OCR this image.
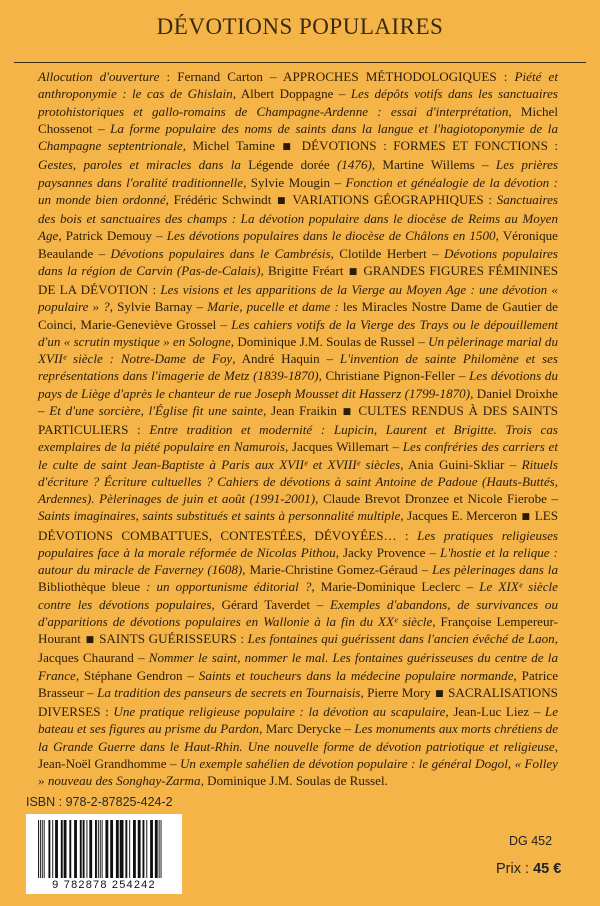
DÉVOTIONS POPULAIRES
Allocution d'ouverture : Fernand Carton – APPROCHES MÉTHODOLOGIQUES : Piété et anthroponymie : le cas de Ghislain, Albert Doppagne – Les dépôts votifs dans les sanctuaires protohistoriques et gallo-romains de Champagne-Ardenne : essai d'interprétation, Michel Chossenot – La forme populaire des noms de saints dans la langue et l'hagiotoponymie de la Champagne septentrionale, Michel Tamine ■ DÉVOTIONS : FORMES ET FONCTIONS : Gestes, paroles et miracles dans la Légende dorée (1476), Martine Willems – Les prières paysannes dans l'oralité traditionnelle, Sylvie Mougin – Fonction et généalogie de la dévotion : un monde bien ordonné, Frédéric Schwindt ■ VARIATIONS GÉOGRAPHIQUES : Sanctuaires des bois et sanctuaires des champs : La dévotion populaire dans le diocèse de Reims au Moyen Age, Patrick Demouy – Les dévotions populaires dans le diocèse de Châlons en 1500, Véronique Beaulande – Dévotions populaires dans le Cambrésis, Clotilde Herbert – Dévotions populaires dans la région de Carvin (Pas-de-Calais), Brigitte Fréart ■ GRANDES FIGURES FÉMININES DE LA DÉVOTION : Les visions et les apparitions de la Vierge au Moyen Age : une dévotion « populaire » ?, Sylvie Barnay – Marie, pucelle et dame : les Miracles Nostre Dame de Gautier de Coinci, Marie-Geneviève Grossel – Les cahiers votifs de la Vierge des Trays ou le dépouillement d'un « scrutin mystique » en Sologne, Dominique J.M. Soulas de Russel – Un pèlerinage marial du XVIIᵉ siècle : Notre-Dame de Foy, André Haquin – L'invention de sainte Philomène et ses représentations dans l'imagerie de Metz (1839-1870), Christiane Pignon-Feller – Les dévotions du pays de Liège d'après le chanteur de rue Joseph Mousset dit Hasserz (1799-1870), Daniel Droixhe – Et d'une sorcière, l'Église fit une sainte, Jean Fraikin ■ CULTES RENDUS À DES SAINTS PARTICULIERS : Entre tradition et modernité : Lupicin, Laurent et Brigitte. Trois cas exemplaires de la piété populaire en Namurois, Jacques Willemart – Les confréries des carriers et le culte de saint Jean-Baptiste à Paris aux XVIIᵉ et XVIIIᵉ siècles, Ania Guini-Skliar – Rituels d'écriture ? Écriture cultuelles ? Cahiers de dévotions à saint Antoine de Padoue (Hauts-Buttés, Ardennes). Pèlerinages de juin et août (1991-2001), Claude Brevot Dronzee et Nicole Fierobe – Saints imaginaires, saints substitués et saints à personnalité multiple, Jacques E. Merceron ■ LES DÉVOTIONS COMBATTUES, CONTESTÉES, DÉVOYÉES… : Les pratiques religieuses populaires face à la morale réformée de Nicolas Pithou, Jacky Provence – L'hostie et la relique : autour du miracle de Faverney (1608), Marie-Christine Gomez-Géraud – Les pèlerinages dans la Bibliothèque bleue : un opportunisme éditorial ?, Marie-Dominique Leclerc – Le XIXᵉ siècle contre les dévotions populaires, Gérard Taverdet – Exemples d'abandons, de survivances ou d'apparitions de dévotions populaires en Wallonie à la fin du XXᵉ siècle, Françoise Lempereur-Hourant ■ SAINTS GUÉRISSEURS : Les fontaines qui guérissent dans l'ancien évêché de Laon, Jacques Chaurand – Nommer le saint, nommer le mal. Les fontaines guérisseuses du centre de la France, Stéphane Gendron – Saints et toucheurs dans la médecine populaire normande, Patrice Brasseur – La tradition des panseurs de secrets en Tournaisis, Pierre Mory ■ SACRALISATIONS DIVERSES : Une pratique religieuse populaire : la dévotion au scapulaire, Jean-Luc Liez – Le bateau et ses figures au prisme du Pardon, Marc Derycke – Les monuments aux morts chrétiens de la Grande Guerre dans le Haut-Rhin. Une nouvelle forme de dévotion patriotique et religieuse, Jean-Noël Grandhomme – Un exemple sahélien de dévotion populaire : le général Dogol, « Folley » nouveau des Songhay-Zarma, Dominique J.M. Soulas de Russel.
ISBN : 978-2-87825-424-2
9 782878 254242
DG 452
Prix : 45 €
